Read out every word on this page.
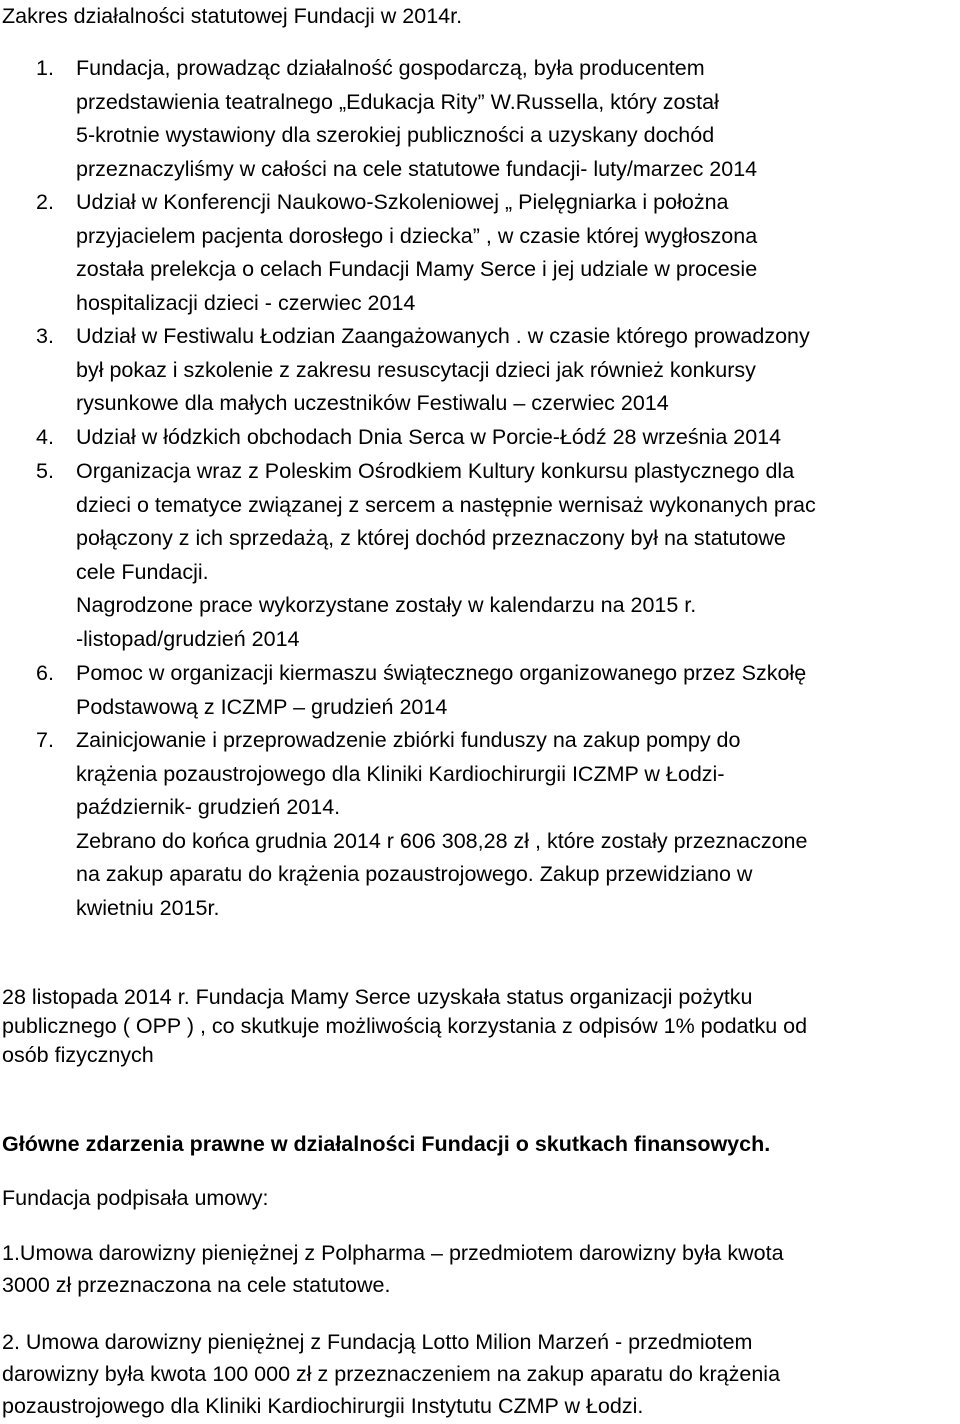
Zakres działalności statutowej Fundacji w 2014r.
1.	Fundacja, prowadząc działalność gospodarczą, była producentem
przedstawienia teatralnego „Edukacja Rity” W.Russella, który został
5-krotnie wystawiony dla szerokiej publiczności a uzyskany dochód
przeznaczyliśmy w całości na cele statutowe fundacji- luty/marzec 2014
2.	Udział w Konferencji Naukowo-Szkoleniowej „ Pielęgniarka i położna
przyjacielem pacjenta dorosłego i dziecka” , w czasie której wygłoszona
została prelekcja o celach Fundacji Mamy Serce i jej udziale w procesie
hospitalizacji dzieci - czerwiec 2014
3.	Udział w Festiwalu Łodzian Zaangażowanych . w czasie którego prowadzony
był pokaz i szkolenie z zakresu resuscytacji dzieci jak również konkursy
rysunkowe dla małych uczestników Festiwalu – czerwiec 2014
4.	Udział w łódzkich obchodach Dnia Serca w Porcie-Łódź 28 września 2014
5.	Organizacja wraz z Poleskim Ośrodkiem Kultury konkursu plastycznego dla
dzieci o tematyce związanej z sercem a następnie wernisaż wykonanych prac
połączony z ich sprzedażą, z której dochód przeznaczony był na statutowe
cele Fundacji.
Nagrodzone prace wykorzystane zostały w kalendarzu na 2015 r.
-listopad/grudzień 2014
6.	Pomoc w organizacji kiermaszu świątecznego organizowanego przez Szkołę
Podstawową z ICZMP – grudzień 2014
7.	Zainicjowanie i przeprowadzenie zbiórki funduszy na zakup pompy do
krążenia pozaustrojowego dla Kliniki Kardiochirurgii ICZMP w Łodzi-
październik- grudzień 2014.
Zebrano do końca grudnia 2014 r 606 308,28 zł , które zostały przeznaczone
na zakup aparatu do krążenia pozaustrojowego. Zakup przewidziano w
kwietniu 2015r.
28 listopada 2014 r. Fundacja Mamy Serce uzyskała status organizacji pożytku
publicznego ( OPP ) , co skutkuje możliwością korzystania z odpisów 1% podatku od
osób fizycznych
Główne zdarzenia prawne w działalności Fundacji o skutkach finansowych.
Fundacja podpisała umowy:
1.Umowa darowizny pieniężnej z Polpharma – przedmiotem darowizny była kwota
3000 zł przeznaczona na cele statutowe.
2. Umowa darowizny pieniężnej z Fundacją Lotto Milion Marzeń - przedmiotem
darowizny była kwota 100 000 zł z przeznaczeniem na zakup aparatu do krążenia
pozaustrojowego dla Kliniki Kardiochirurgii Instytutu CZMP w Łodzi.
